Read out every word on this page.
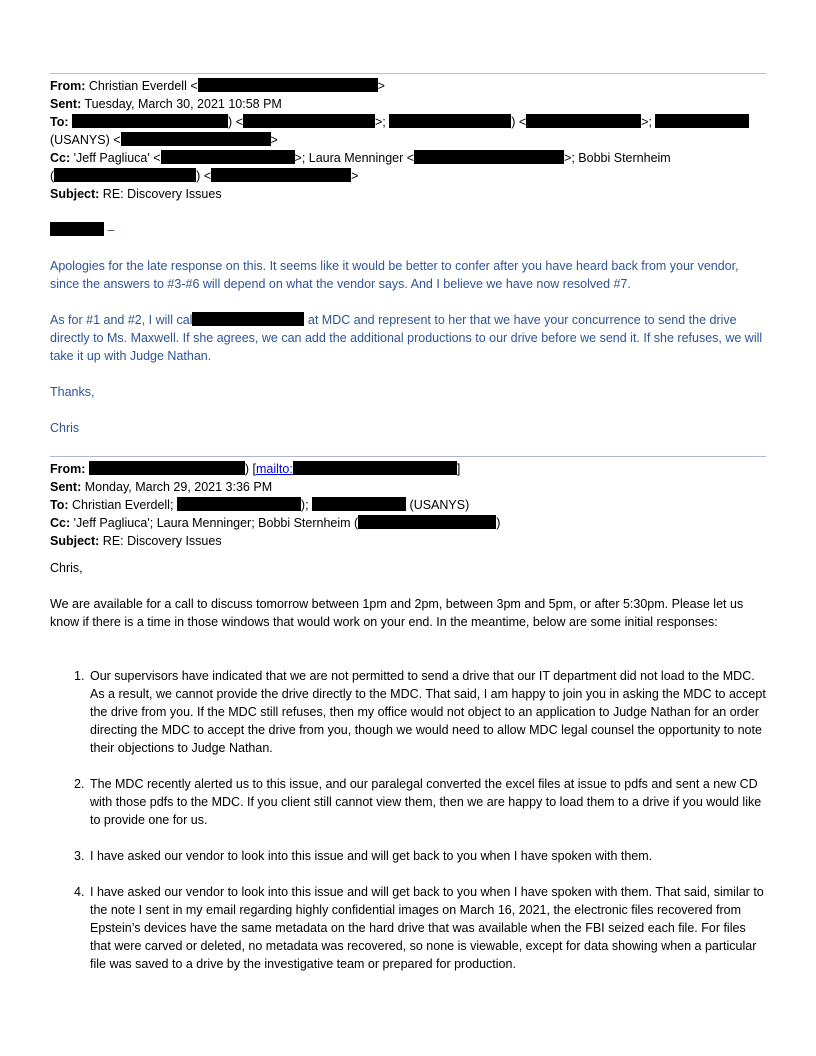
From: Christian Everdell <	>
Sent: Tuesday, March 30, 2021 10:58 PM
To:	) <	>;	) <	>;
(USANYS) <	>
Cc: 'Jeff Pagliuca' <	>; Laura Menninger <	>; Bobbi Sternheim
(	) <	>
Subject: RE: Discovery Issues
–
Apologies for the late response on this. It seems like it would be better to confer after you have heard back from your vendor, since the answers to #3-#6 will depend on what the vendor says. And I believe we have now resolved #7.
As for #1 and #2, I will cal	at MDC and represent to her that we have your concurrence to send the drive directly to Ms. Maxwell. If she agrees, we can add the additional productions to our drive before we send it. If she refuses, we will take it up with Judge Nathan.
Thanks,
Chris
From:	) [mailto:	]
Sent: Monday, March 29, 2021 3:36 PM
To: Christian Everdell;	);	(USANYS)
Cc: 'Jeff Pagliuca'; Laura Menninger; Bobbi Sternheim (	)
Subject: RE: Discovery Issues
Chris,
We are available for a call to discuss tomorrow between 1pm and 2pm, between 3pm and 5pm, or after 5:30pm. Please let us know if there is a time in those windows that would work on your end. In the meantime, below are some initial responses:
1. Our supervisors have indicated that we are not permitted to send a drive that our IT department did not load to the MDC. As a result, we cannot provide the drive directly to the MDC. That said, I am happy to join you in asking the MDC to accept the drive from you. If the MDC still refuses, then my office would not object to an application to Judge Nathan for an order directing the MDC to accept the drive from you, though we would need to allow MDC legal counsel the opportunity to note their objections to Judge Nathan.
2. The MDC recently alerted us to this issue, and our paralegal converted the excel files at issue to pdfs and sent a new CD with those pdfs to the MDC. If you client still cannot view them, then we are happy to load them to a drive if you would like to provide one for us.
3. I have asked our vendor to look into this issue and will get back to you when I have spoken with them.
4. I have asked our vendor to look into this issue and will get back to you when I have spoken with them. That said, similar to the note I sent in my email regarding highly confidential images on March 16, 2021, the electronic files recovered from Epstein’s devices have the same metadata on the hard drive that was available when the FBI seized each file. For files that were carved or deleted, no metadata was recovered, so none is viewable, except for data showing when a particular file was saved to a drive by the investigative team or prepared for production.
